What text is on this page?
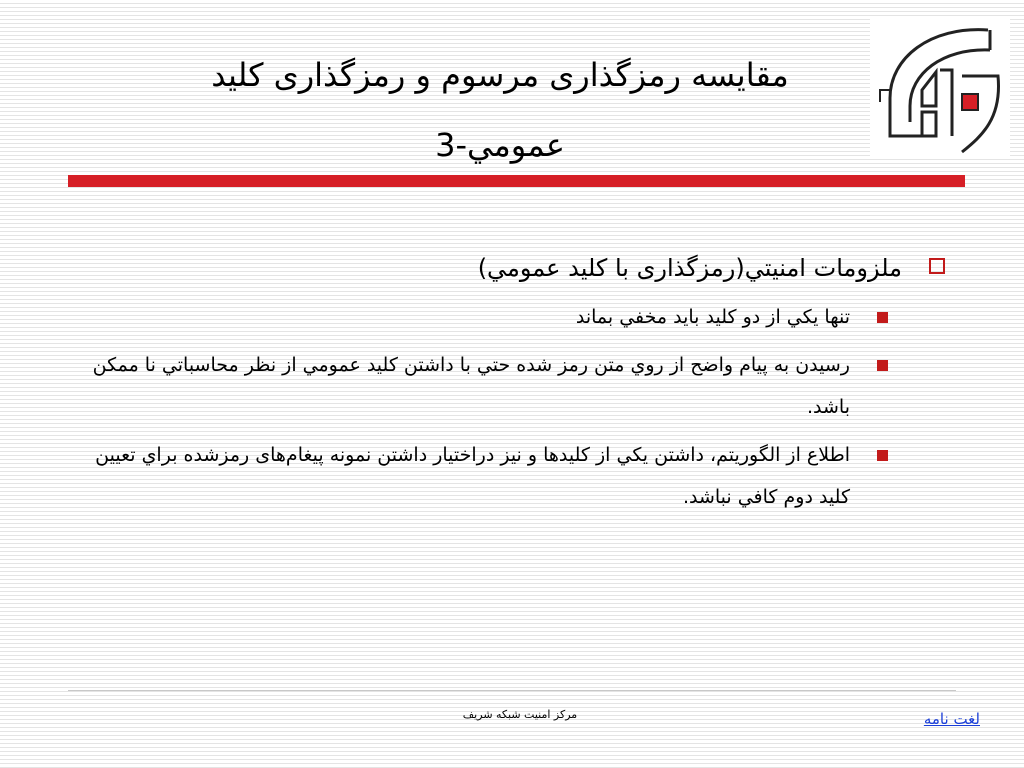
مقایسه رمزگذاری مرسوم و رمزگذاری کلید
عمومي-3
ملزومات امنيتي(رمزگذاری با کليد عمومي)
تنها يکي از دو کليد بايد مخفي بماند
رسيدن به پيام واضح از روي متن رمز شده حتي با داشتن کليد عمومي از نظر محاسباتي نا ممکن باشد.
اطلاع از الگوريتم، داشتن يکي از کليدها و نيز دراختيار داشتن نمونه پيغام‌های رمزشده براي تعيين کليد دوم کافي نباشد.
مرکز امنيت شبکه شريف	لغت نامه
